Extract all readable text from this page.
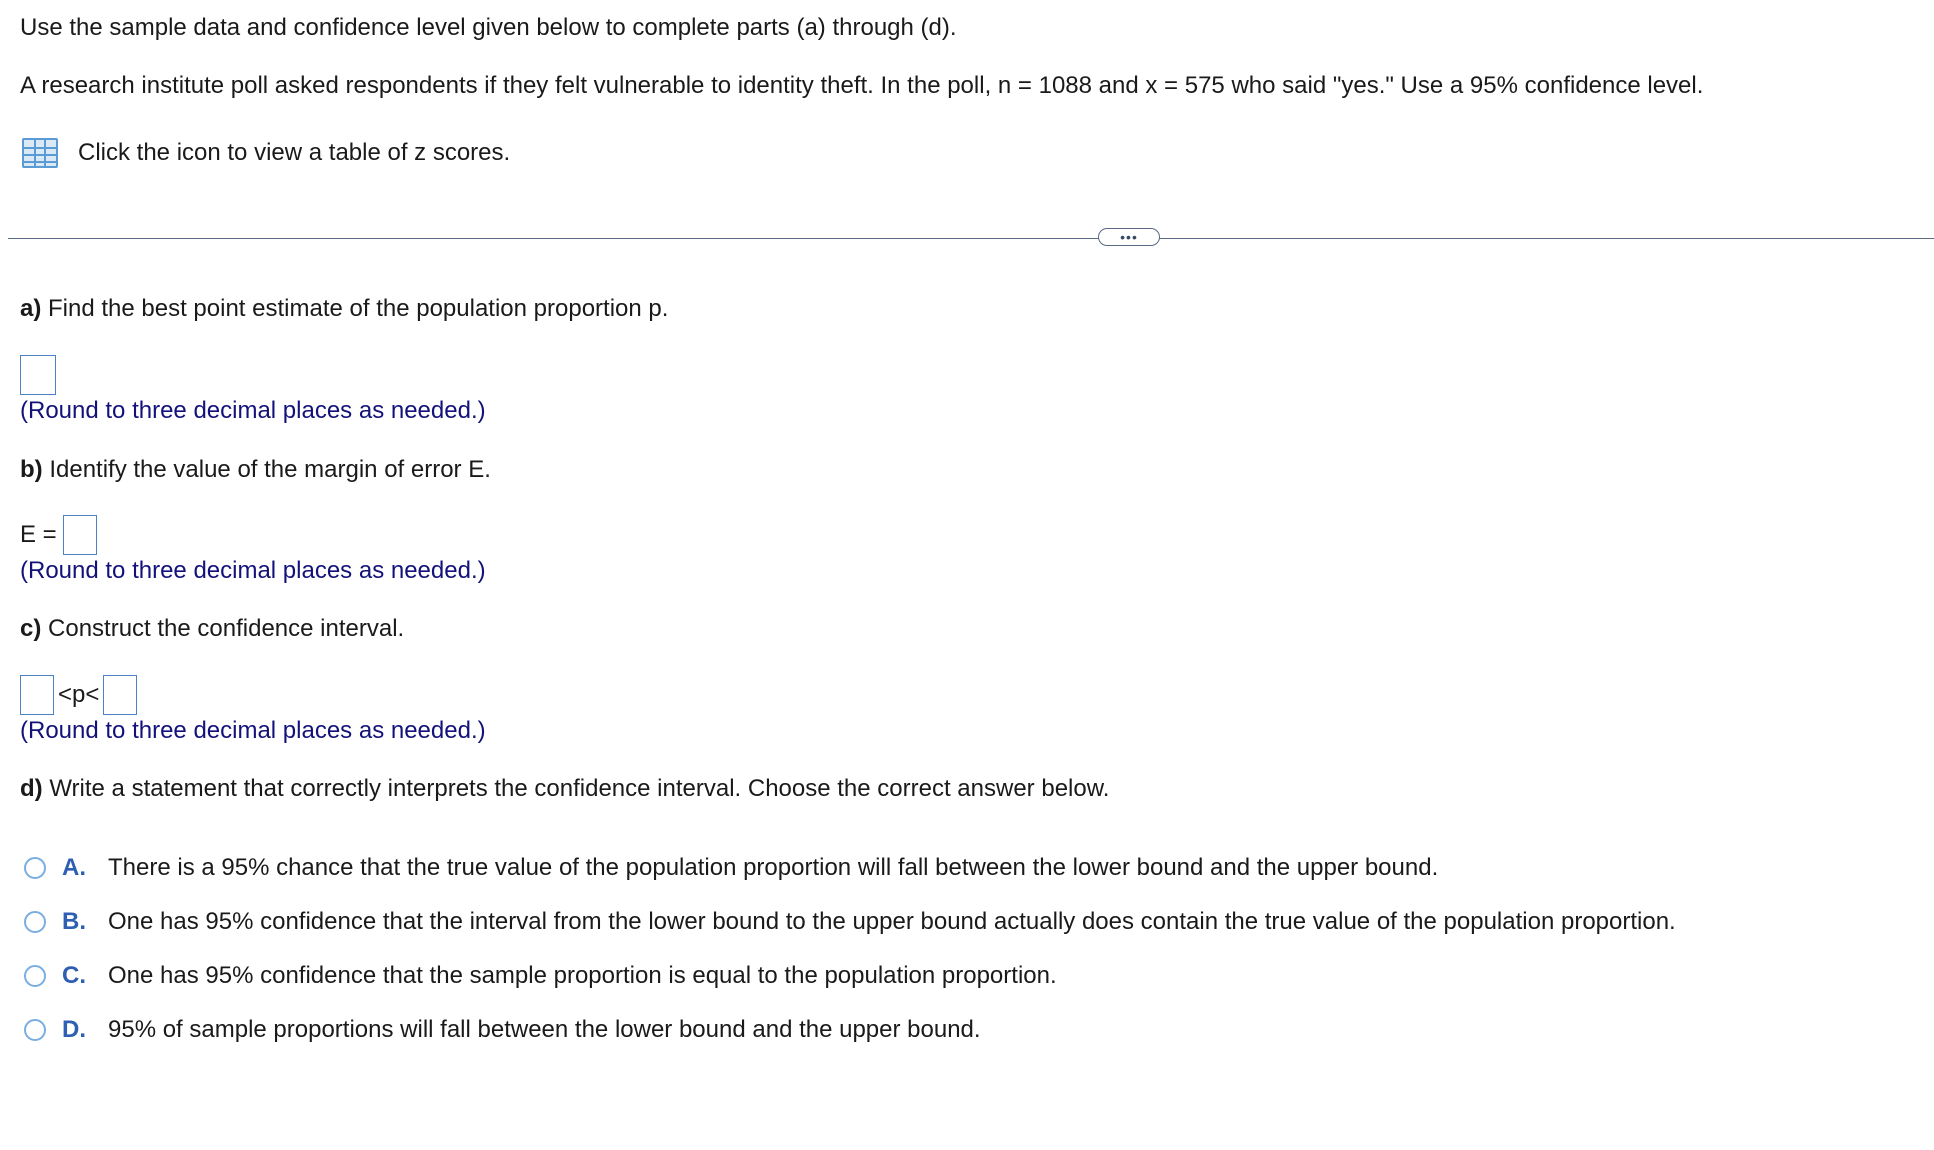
Use the sample data and confidence level given below to complete parts (a) through (d).
A research institute poll asked respondents if they felt vulnerable to identity theft. In the poll, n = 1088 and x = 575 who said "yes." Use a 95% confidence level.
Click the icon to view a table of z scores.
•••
a) Find the best point estimate of the population proportion p.
(Round to three decimal places as needed.)
b) Identify the value of the margin of error E.
E =
(Round to three decimal places as needed.)
c) Construct the confidence interval.
<p<
(Round to three decimal places as needed.)
d) Write a statement that correctly interprets the confidence interval. Choose the correct answer below.
A. There is a 95% chance that the true value of the population proportion will fall between the lower bound and the upper bound.
B. One has 95% confidence that the interval from the lower bound to the upper bound actually does contain the true value of the population proportion.
C. One has 95% confidence that the sample proportion is equal to the population proportion.
D. 95% of sample proportions will fall between the lower bound and the upper bound.
